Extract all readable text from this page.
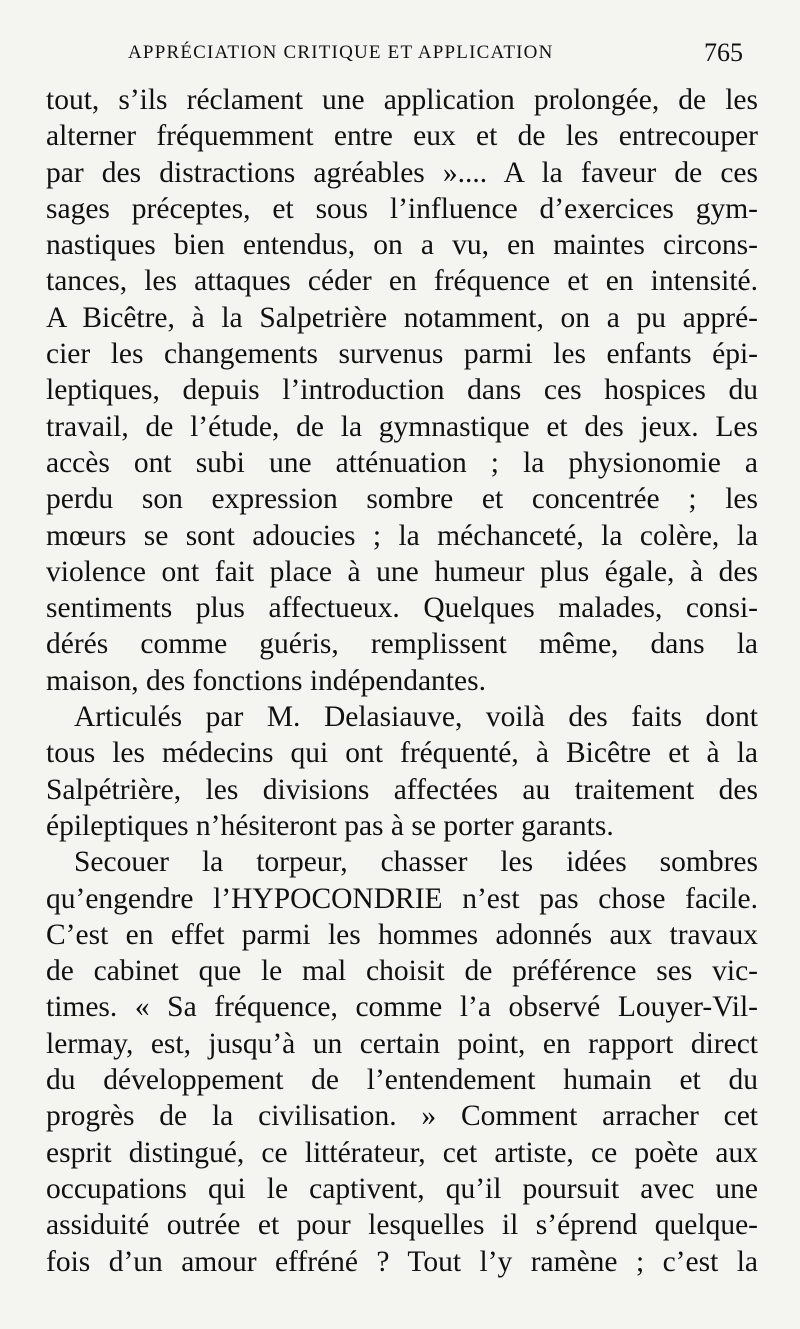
APPRÉCIATION CRITIQUE ET APPLICATION	765
tout, s’ils réclament une application prolongée, de les
alterner fréquemment entre eux et de les entrecouper
par des distractions agréables ».... A la faveur de ces
sages préceptes, et sous l’influence d’exercices gym-
nastiques bien entendus, on a vu, en maintes circons-
tances, les attaques céder en fréquence et en intensité.
A Bicêtre, à la Salpetrière notamment, on a pu appré-
cier les changements survenus parmi les enfants épi-
leptiques, depuis l’introduction dans ces hospices du
travail, de l’étude, de la gymnastique et des jeux. Les
accès ont subi une atténuation ; la physionomie a
perdu son expression sombre et concentrée ; les
mœurs se sont adoucies ; la méchanceté, la colère, la
violence ont fait place à une humeur plus égale, à des
sentiments plus affectueux. Quelques malades, consi-
dérés comme guéris, remplissent même, dans la
maison, des fonctions indépendantes.
Articulés par M. Delasiauve, voilà des faits dont
tous les médecins qui ont fréquenté, à Bicêtre et à la
Salpétrière, les divisions affectées au traitement des
épileptiques n’hésiteront pas à se porter garants.
Secouer la torpeur, chasser les idées sombres
qu’engendre l’HYPOCONDRIE n’est pas chose facile.
C’est en effet parmi les hommes adonnés aux travaux
de cabinet que le mal choisit de préférence ses vic-
times. « Sa fréquence, comme l’a observé Louyer-Vil-
lermay, est, jusqu’à un certain point, en rapport direct
du développement de l’entendement humain et du
progrès de la civilisation. » Comment arracher cet
esprit distingué, ce littérateur, cet artiste, ce poète aux
occupations qui le captivent, qu’il poursuit avec une
assiduité outrée et pour lesquelles il s’éprend quelque-
fois d’un amour effréné ? Tout l’y ramène ; c’est la
